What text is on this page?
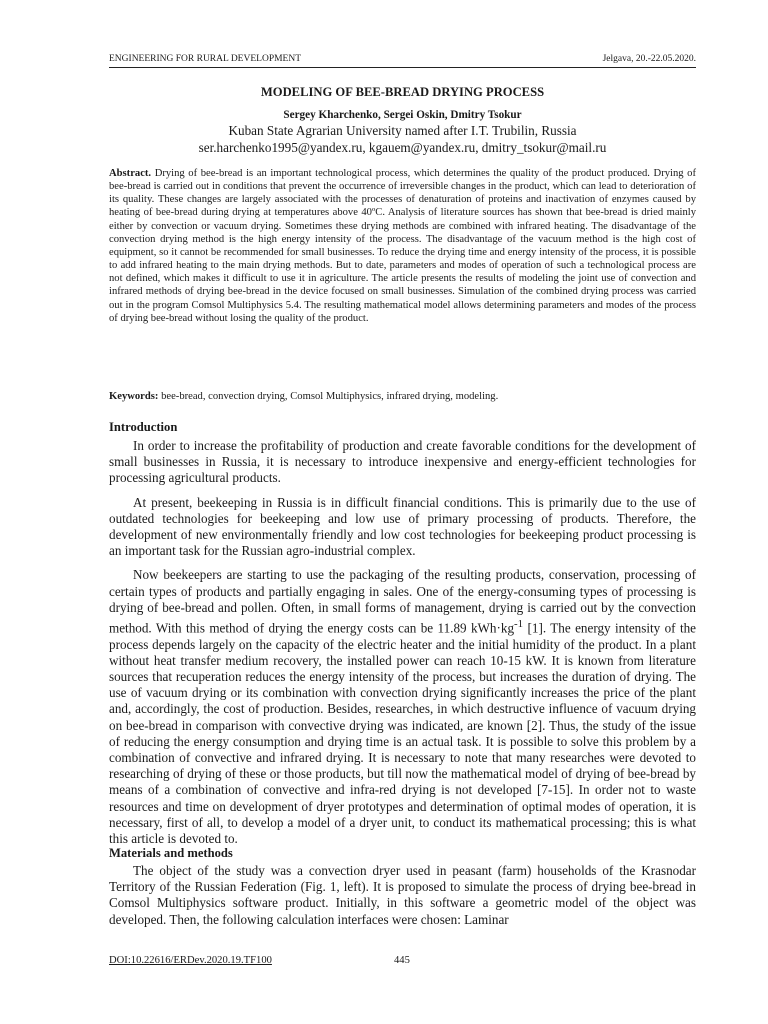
ENGINEERING FOR RURAL DEVELOPMENT	Jelgava, 20.-22.05.2020.
MODELING OF BEE-BREAD DRYING PROCESS
Sergey Kharchenko, Sergei Oskin, Dmitry Tsokur
Kuban State Agrarian University named after I.T. Trubilin, Russia
ser.harchenko1995@yandex.ru, kgauem@yandex.ru, dmitry_tsokur@mail.ru

Abstract. Drying of bee-bread is an important technological process, which determines the quality of the product produced. Drying of bee-bread is carried out in conditions that prevent the occurrence of irreversible changes in the product, which can lead to deterioration of its quality. These changes are largely associated with the processes of denaturation of proteins and inactivation of enzymes caused by heating of bee-bread during drying at temperatures above 40ºC. Analysis of literature sources has shown that bee-bread is dried mainly either by convection or vacuum drying. Sometimes these drying methods are combined with infrared heating. The disadvantage of the convection drying method is the high energy intensity of the process. The disadvantage of the vacuum method is the high cost of equipment, so it cannot be recommended for small businesses. To reduce the drying time and energy intensity of the process, it is possible to add infrared heating to the main drying methods. But to date, parameters and modes of operation of such a technological process are not defined, which makes it difficult to use it in agriculture. The article presents the results of modeling the joint use of convection and infrared methods of drying bee-bread in the device focused on small businesses. Simulation of the combined drying process was carried out in the program Comsol Multiphysics 5.4. The resulting mathematical model allows determining parameters and modes of the process of drying bee-bread without losing the quality of the product.

Keywords: bee-bread, convection drying, Comsol Multiphysics, infrared drying, modeling.

Introduction

In order to increase the profitability of production and create favorable conditions for the development of small businesses in Russia, it is necessary to introduce inexpensive and energy-efficient technologies for processing agricultural products.

At present, beekeeping in Russia is in difficult financial conditions. This is primarily due to the use of outdated technologies for beekeeping and low use of primary processing of products. Therefore, the development of new environmentally friendly and low cost technologies for beekeeping product processing is an important task for the Russian agro-industrial complex.

Now beekeepers are starting to use the packaging of the resulting products, conservation, processing of certain types of products and partially engaging in sales. One of the energy-consuming types of processing is drying of bee-bread and pollen. Often, in small forms of management, drying is carried out by the convection method. With this method of drying the energy costs can be 11.89 $kWh\cdot kg^{-1}$ [1]. The energy intensity of the process depends largely on the capacity of the electric heater and the initial humidity of the product. In a plant without heat transfer medium recovery, the installed power can reach 10-15 kW. It is known from literature sources that recuperation reduces the energy intensity of the process, but increases the duration of drying. The use of vacuum drying or its combination with convection drying significantly increases the price of the plant and, accordingly, the cost of production. Besides, researches, in which destructive influence of vacuum drying on bee-bread in comparison with convective drying was indicated, are known [2]. Thus, the study of the issue of reducing the energy consumption and drying time is an actual task. It is possible to solve this problem by a combination of convective and infrared drying. It is necessary to note that many researches were devoted to researching of drying of these or those products, but till now the mathematical model of drying of bee-bread by means of a combination of convective and infra-red drying is not developed [7-15]. In order not to waste resources and time on development of dryer prototypes and determination of optimal modes of operation, it is necessary, first of all, to develop a model of a dryer unit, to conduct its mathematical processing; this is what this article is devoted to.

Materials and methods

The object of the study was a convection dryer used in peasant (farm) households of the Krasnodar Territory of the Russian Federation (Fig. 1, left). It is proposed to simulate the process of drying bee-bread in Comsol Multiphysics software product. Initially, in this software a geometric model of the object was developed. Then, the following calculation interfaces were chosen: Laminar

DOI:10.22616/ERDev.2020.19.TF100	445
